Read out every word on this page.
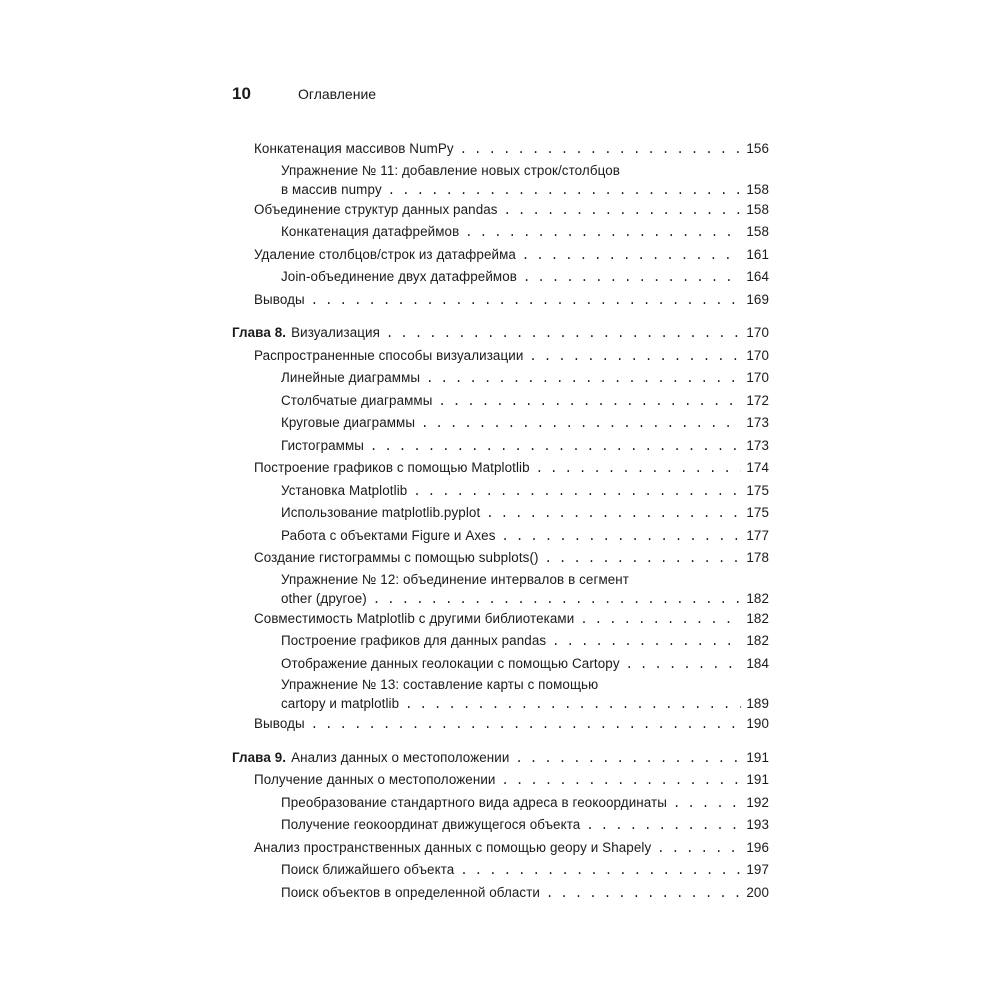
10	Оглавление
Конкатенация массивов NumPy . . .	156
Упражнение № 11: добавление новых строк/столбцов
в массив numpy . . .	158
Объединение структур данных pandas . . .	158
Конкатенация датафреймов . . .	158
Удаление столбцов/строк из датафрейма . . .	161
Join-объединение двух датафреймов . . .	164
Выводы . . .	169
Глава 8. Визуализация . . .	170
Распространенные способы визуализации . . .	170
Линейные диаграммы . . .	170
Столбчатые диаграммы . . .	172
Круговые диаграммы . . .	173
Гистограммы . . .	173
Построение графиков с помощью Matplotlib . . .	174
Установка Matplotlib . . .	175
Использование matplotlib.pyplot . . .	175
Работа с объектами Figure и Axes . . .	177
Создание гистограммы с помощью subplots() . . .	178
Упражнение № 12: объединение интервалов в сегмент
other (другое) . . .	182
Совместимость Matplotlib с другими библиотеками . . .	182
Построение графиков для данных pandas . . .	182
Отображение данных геолокации с помощью Cartopy . . .	184
Упражнение № 13: составление карты с помощью
cartopy и matplotlib . . .	189
Выводы . . .	190
Глава 9. Анализ данных о местоположении . . .	191
Получение данных о местоположении . . .	191
Преобразование стандартного вида адреса в геокоординаты . . .	192
Получение геокоординат движущегося объекта . . .	193
Анализ пространственных данных с помощью geopy и Shapely . . .	196
Поиск ближайшего объекта . . .	197
Поиск объектов в определенной области . . .	200
